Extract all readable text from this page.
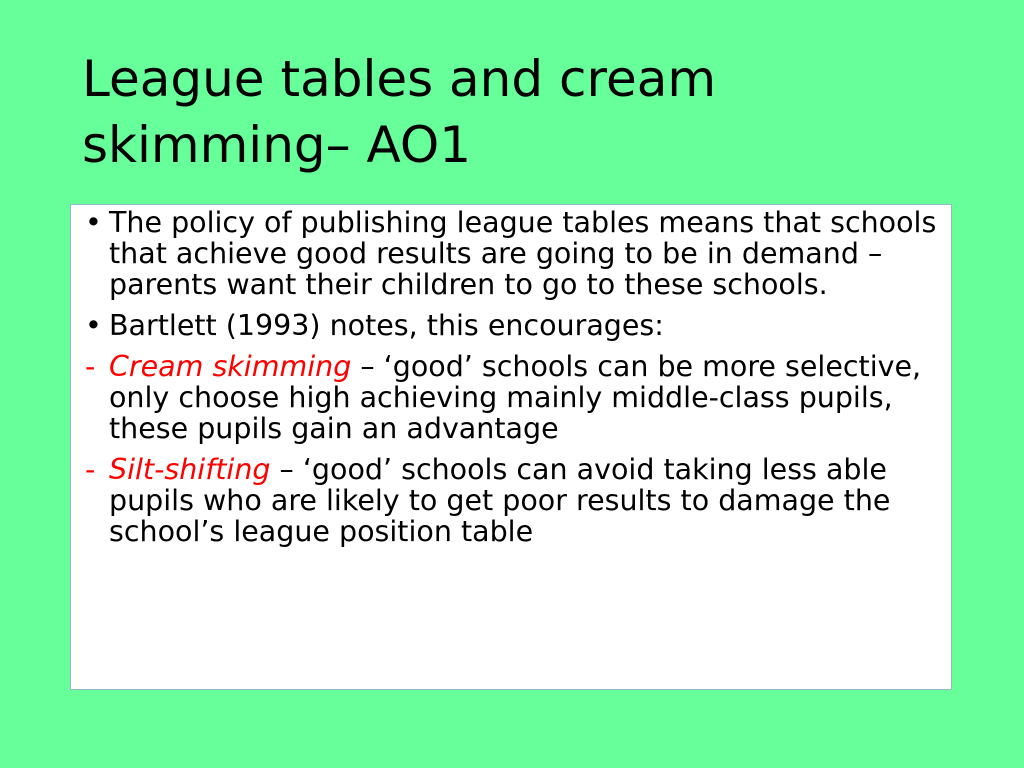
League tables and cream skimming– AO1
• The policy of publishing league tables means that schools that achieve good results are going to be in demand – parents want their children to go to these schools.
• Bartlett (1993) notes, this encourages:
- Cream skimming – ‘good’ schools can be more selective, only choose high achieving mainly middle-class pupils, these pupils gain an advantage
- Silt-shifting – ‘good’ schools can avoid taking less able pupils who are likely to get poor results to damage the school’s league position table
